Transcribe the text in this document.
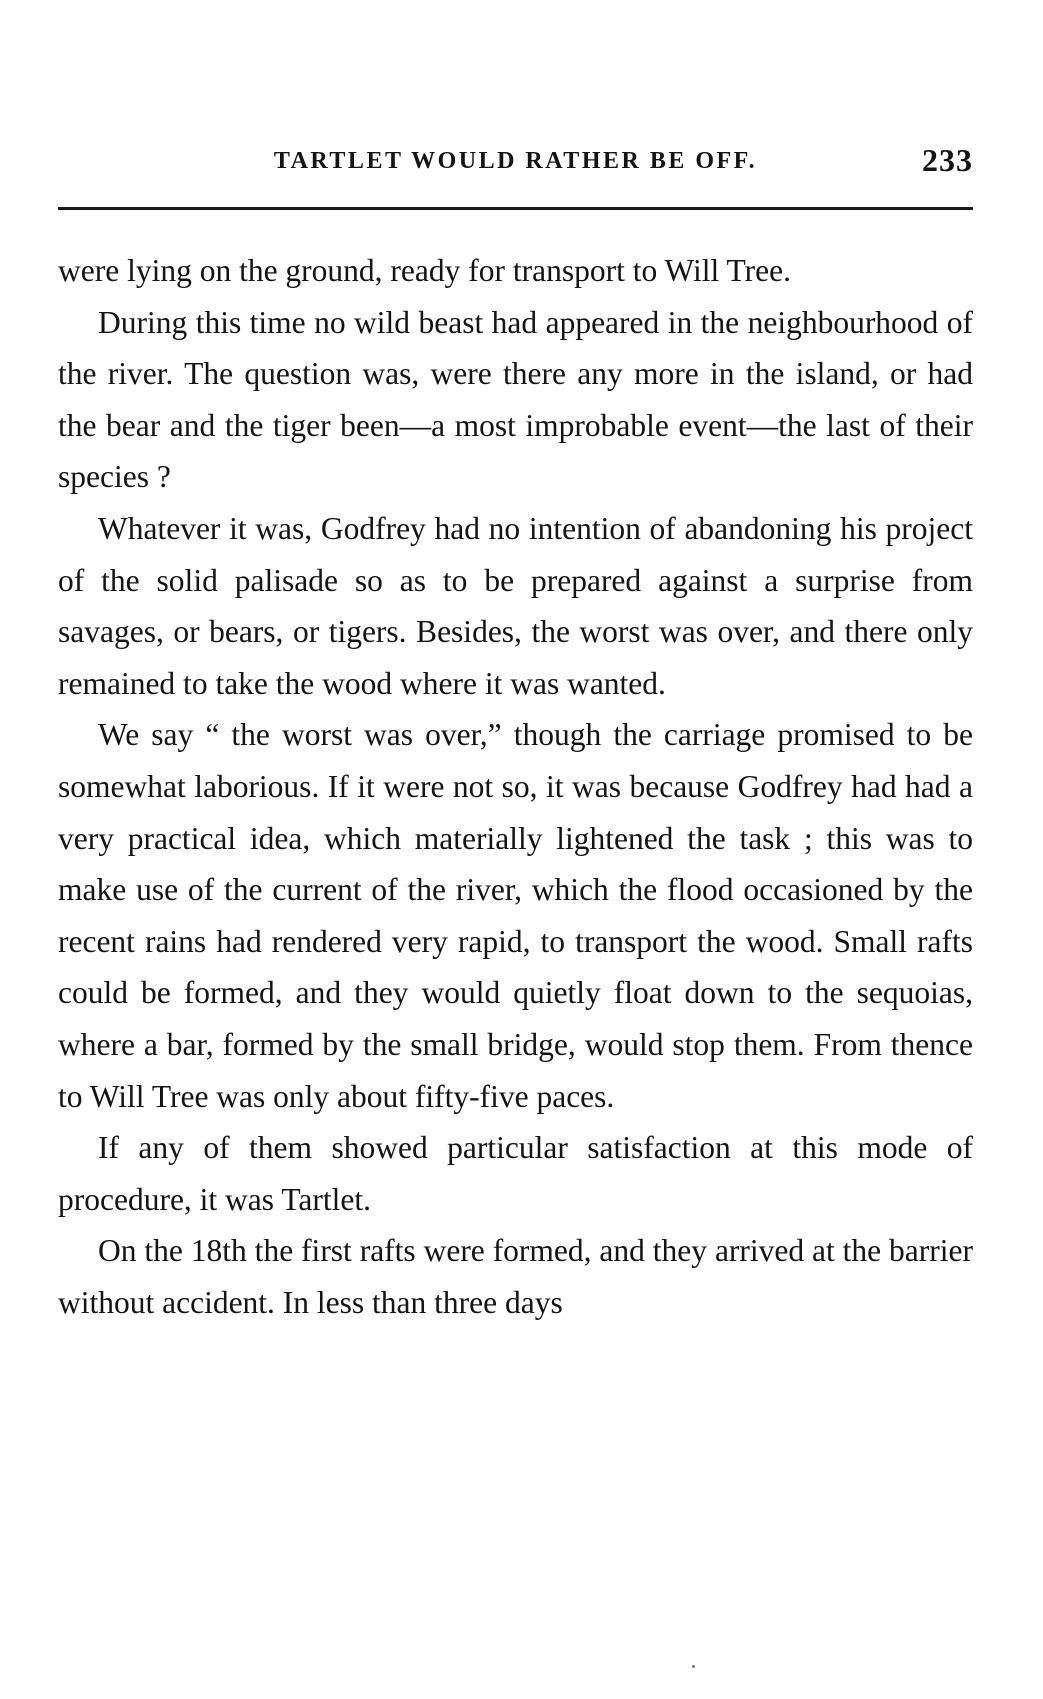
TARTLET WOULD RATHER BE OFF.	233

were lying on the ground, ready for transport to Will Tree.

During this time no wild beast had appeared in the neighbourhood of the river. The question was, were there any more in the island, or had the bear and the tiger been—a most improbable event—the last of their species ?

Whatever it was, Godfrey had no intention of abandoning his project of the solid palisade so as to be prepared against a surprise from savages, or bears, or tigers. Besides, the worst was over, and there only remained to take the wood where it was wanted.

We say “ the worst was over,” though the carriage promised to be somewhat laborious. If it were not so, it was because Godfrey had had a very practical idea, which materially lightened the task ; this was to make use of the current of the river, which the flood occasioned by the recent rains had rendered very rapid, to transport the wood. Small rafts could be formed, and they would quietly float down to the sequoias, where a bar, formed by the small bridge, would stop them. From thence to Will Tree was only about fifty-five paces.

If any of them showed particular satisfaction at this mode of procedure, it was Tartlet.

On the 18th the first rafts were formed, and they arrived at the barrier without accident. In less than three days
